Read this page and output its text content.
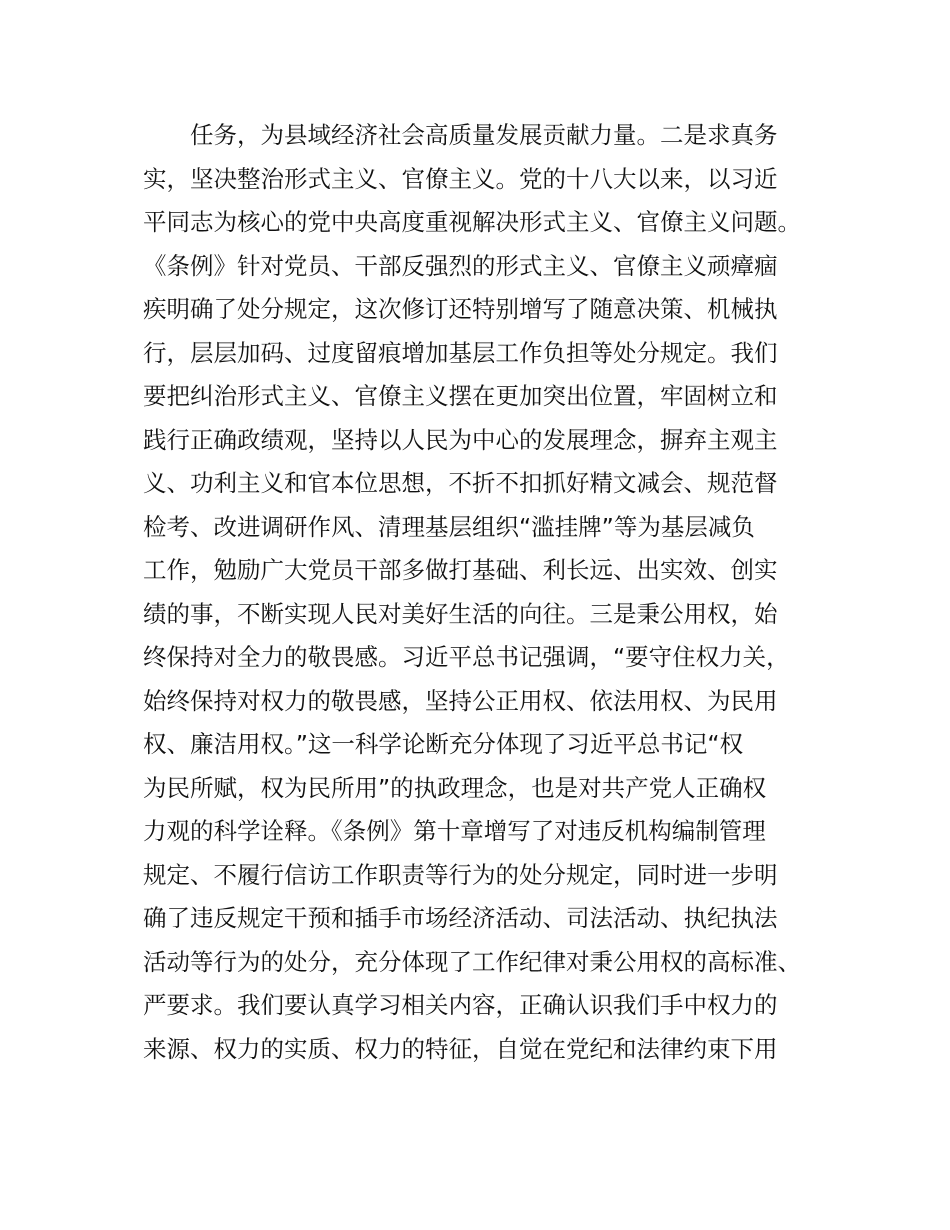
任务，为县域经济社会高质量发展贡献力量。二是求真务
实，坚决整治形式主义、官僚主义。党的十八大以来，以习近
平同志为核心的党中央高度重视解决形式主义、官僚主义问题。
《条例》针对党员、干部反强烈的形式主义、官僚主义顽瘴痼
疾明确了处分规定，这次修订还特别增写了随意决策、机械执
行，层层加码、过度留痕增加基层工作负担等处分规定。我们
要把纠治形式主义、官僚主义摆在更加突出位置，牢固树立和
践行正确政绩观，坚持以人民为中心的发展理念，摒弃主观主
义、功利主义和官本位思想，不折不扣抓好精文减会、规范督
检考、改进调研作风、清理基层组织“滥挂牌”等为基层减负
工作，勉励广大党员干部多做打基础、利长远、出实效、创实
绩的事，不断实现人民对美好生活的向往。三是秉公用权，始
终保持对全力的敬畏感。习近平总书记强调，“要守住权力关，
始终保持对权力的敬畏感，坚持公正用权、依法用权、为民用
权、廉洁用权。”这一科学论断充分体现了习近平总书记“权
为民所赋，权为民所用”的执政理念，也是对共产党人正确权
力观的科学诠释。《条例》第十章增写了对违反机构编制管理
规定、不履行信访工作职责等行为的处分规定，同时进一步明
确了违反规定干预和插手市场经济活动、司法活动、执纪执法
活动等行为的处分，充分体现了工作纪律对秉公用权的高标准、
严要求。我们要认真学习相关内容，正确认识我们手中权力的
来源、权力的实质、权力的特征，自觉在党纪和法律约束下用
